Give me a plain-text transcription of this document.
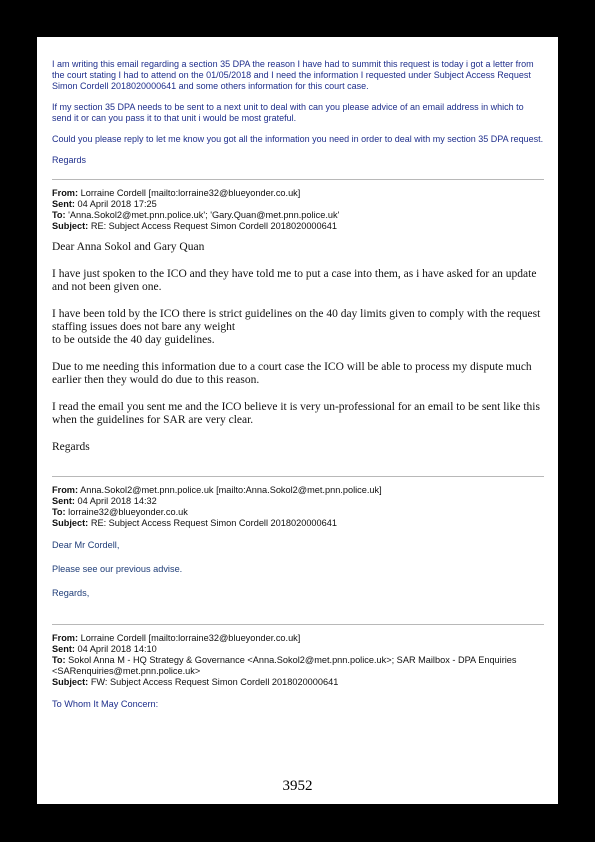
I am writing this email regarding a section 35 DPA the reason I have had to summit this request is today i got a letter from the court stating I had to attend on the 01/05/2018 and I need the information I requested under Subject Access Request Simon Cordell 2018020000641 and some others information for this court case.

If my section 35 DPA needs to be sent to a next unit to deal with can you please advice of an email address in which to send it or can you pass it to that unit i would be most grateful.

Could you please reply to let me know you got all the information you need in order to deal with my section 35 DPA request.

Regards

From: Lorraine Cordell [mailto:lorraine32@blueyonder.co.uk]
Sent: 04 April 2018 17:25
To: 'Anna.Sokol2@met.pnn.police.uk'; 'Gary.Quan@met.pnn.police.uk'
Subject: RE: Subject Access Request Simon Cordell 2018020000641

Dear Anna Sokol and Gary Quan

I have just spoken to the ICO and they have told me to put a case into them, as i have asked for an update and not been given one.

I have been told by the ICO there is strict guidelines on the 40 day limits given to comply with the request staffing issues does not bare any weight
to be outside the 40 day guidelines.

Due to me needing this information due to a court case the ICO will be able to process my dispute much earlier then they would do due to this reason.

I read the email you sent me and the ICO believe it is very un-professional for an email to be sent like this when the guidelines for SAR are very clear.

Regards

From: Anna.Sokol2@met.pnn.police.uk [mailto:Anna.Sokol2@met.pnn.police.uk]
Sent: 04 April 2018 14:32
To: lorraine32@blueyonder.co.uk
Subject: RE: Subject Access Request Simon Cordell 2018020000641

Dear Mr Cordell,

Please see our previous advise.

Regards,

From: Lorraine Cordell [mailto:lorraine32@blueyonder.co.uk]
Sent: 04 April 2018 14:10
To: Sokol Anna M - HQ Strategy & Governance <Anna.Sokol2@met.pnn.police.uk>; SAR Mailbox - DPA Enquiries <SARenquiries@met.pnn.police.uk>
Subject: FW: Subject Access Request Simon Cordell 2018020000641

To Whom It May Concern:

3952
